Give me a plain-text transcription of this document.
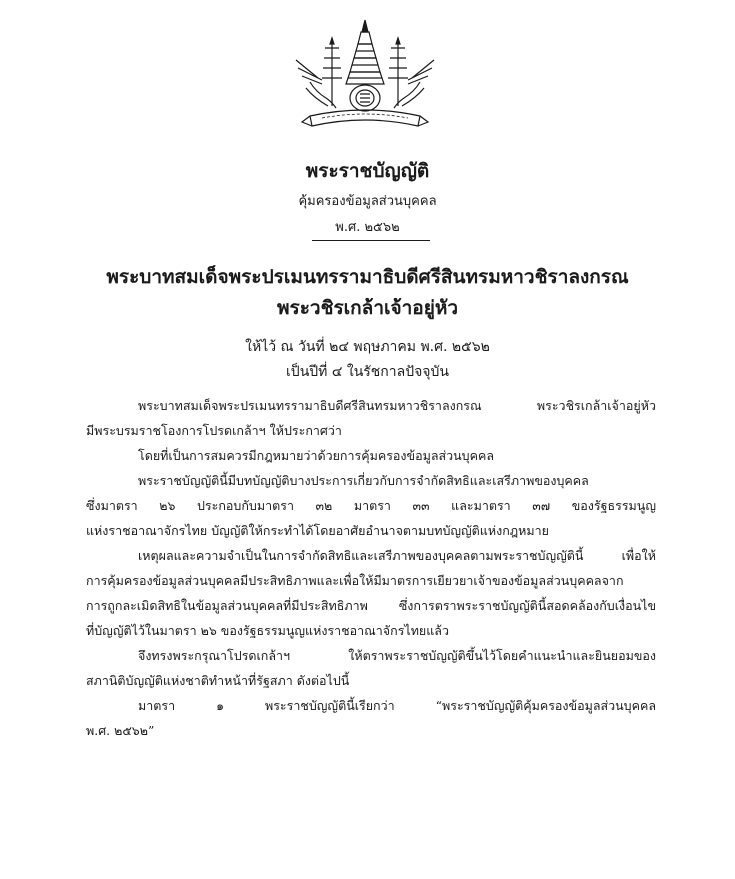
พระราชบัญญัติ
คุ้มครองข้อมูลส่วนบุคคล
พ.ศ. ๒๕๖๒
พระบาทสมเด็จพระปรเมนทรรามาธิบดีศรีสินทรมหาวชิราลงกรณ
พระวชิรเกล้าเจ้าอยู่หัว
ให้ไว้ ณ วันที่ ๒๔ พฤษภาคม พ.ศ. ๒๕๖๒
เป็นปีที่ ๔ ในรัชกาลปัจจุบัน
พระบาทสมเด็จพระปรเมนทรรามาธิบดีศรีสินทรมหาวชิราลงกรณ พระวชิรเกล้าเจ้าอยู่หัว
มีพระบรมราชโองการโปรดเกล้าฯ ให้ประกาศว่า
โดยที่เป็นการสมควรมีกฎหมายว่าด้วยการคุ้มครองข้อมูลส่วนบุคคล
พระราชบัญญัตินี้มีบทบัญญัติบางประการเกี่ยวกับการจำกัดสิทธิและเสรีภาพของบุคคล
ซึ่งมาตรา ๒๖ ประกอบกับมาตรา ๓๒ มาตรา ๓๓ และมาตรา ๓๗ ของรัฐธรรมนูญ
แห่งราชอาณาจักรไทย บัญญัติให้กระทำได้โดยอาศัยอำนาจตามบทบัญญัติแห่งกฎหมาย
เหตุผลและความจำเป็นในการจำกัดสิทธิและเสรีภาพของบุคคลตามพระราชบัญญัตินี้ เพื่อให้
การคุ้มครองข้อมูลส่วนบุคคลมีประสิทธิภาพและเพื่อให้มีมาตรการเยียวยาเจ้าของข้อมูลส่วนบุคคลจาก
การถูกละเมิดสิทธิในข้อมูลส่วนบุคคลที่มีประสิทธิภาพ ซึ่งการตราพระราชบัญญัตินี้สอดคล้องกับเงื่อนไข
ที่บัญญัติไว้ในมาตรา ๒๖ ของรัฐธรรมนูญแห่งราชอาณาจักรไทยแล้ว
จึงทรงพระกรุณาโปรดเกล้าฯ ให้ตราพระราชบัญญัติขึ้นไว้โดยคำแนะนำและยินยอมของ
สภานิติบัญญัติแห่งชาติทำหน้าที่รัฐสภา ดังต่อไปนี้
มาตรา ๑ พระราชบัญญัตินี้เรียกว่า “พระราชบัญญัติคุ้มครองข้อมูลส่วนบุคคล
พ.ศ. ๒๕๖๒”
